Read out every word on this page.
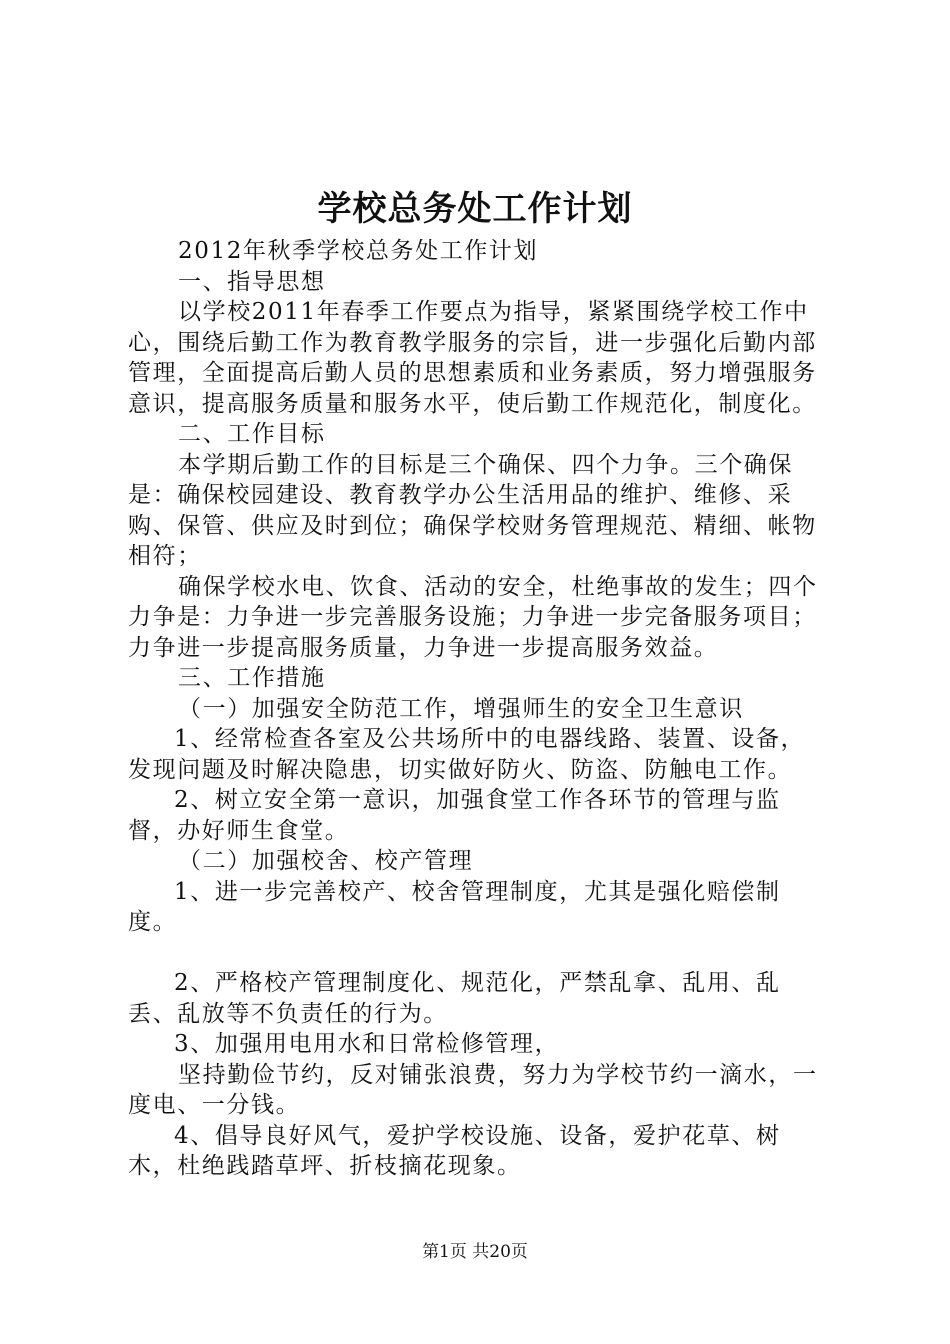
学校总务处工作计划

2012年秋季学校总务处工作计划

一、指导思想

以学校2011年春季工作要点为指导，紧紧围绕学校工作中心，围绕后勤工作为教育教学服务的宗旨，进一步强化后勤内部管理，全面提高后勤人员的思想素质和业务素质，努力增强服务意识，提高服务质量和服务水平，使后勤工作规范化，制度化。

二、工作目标

本学期后勤工作的目标是三个确保、四个力争。三个确保是：确保校园建设、教育教学办公生活用品的维护、维修、采购、保管、供应及时到位；确保学校财务管理规范、精细、帐物相符；

确保学校水电、饮食、活动的安全，杜绝事故的发生；四个力争是：力争进一步完善服务设施；力争进一步完备服务项目；力争进一步提高服务质量，力争进一步提高服务效益。

三、工作措施

（一）加强安全防范工作，增强师生的安全卫生意识

1、经常检查各室及公共场所中的电器线路、装置、设备，发现问题及时解决隐患，切实做好防火、防盗、防触电工作。

2、树立安全第一意识，加强食堂工作各环节的管理与监督，办好师生食堂。

（二）加强校舍、校产管理

1、进一步完善校产、校舍管理制度，尤其是强化赔偿制度。

2、严格校产管理制度化、规范化，严禁乱拿、乱用、乱丢、乱放等不负责任的行为。

3、加强用电用水和日常检修管理，

坚持勤俭节约，反对铺张浪费，努力为学校节约一滴水，一度电、一分钱。

4、倡导良好风气，爱护学校设施、设备，爱护花草、树木，杜绝践踏草坪、折枝摘花现象。

第1页 共20页
